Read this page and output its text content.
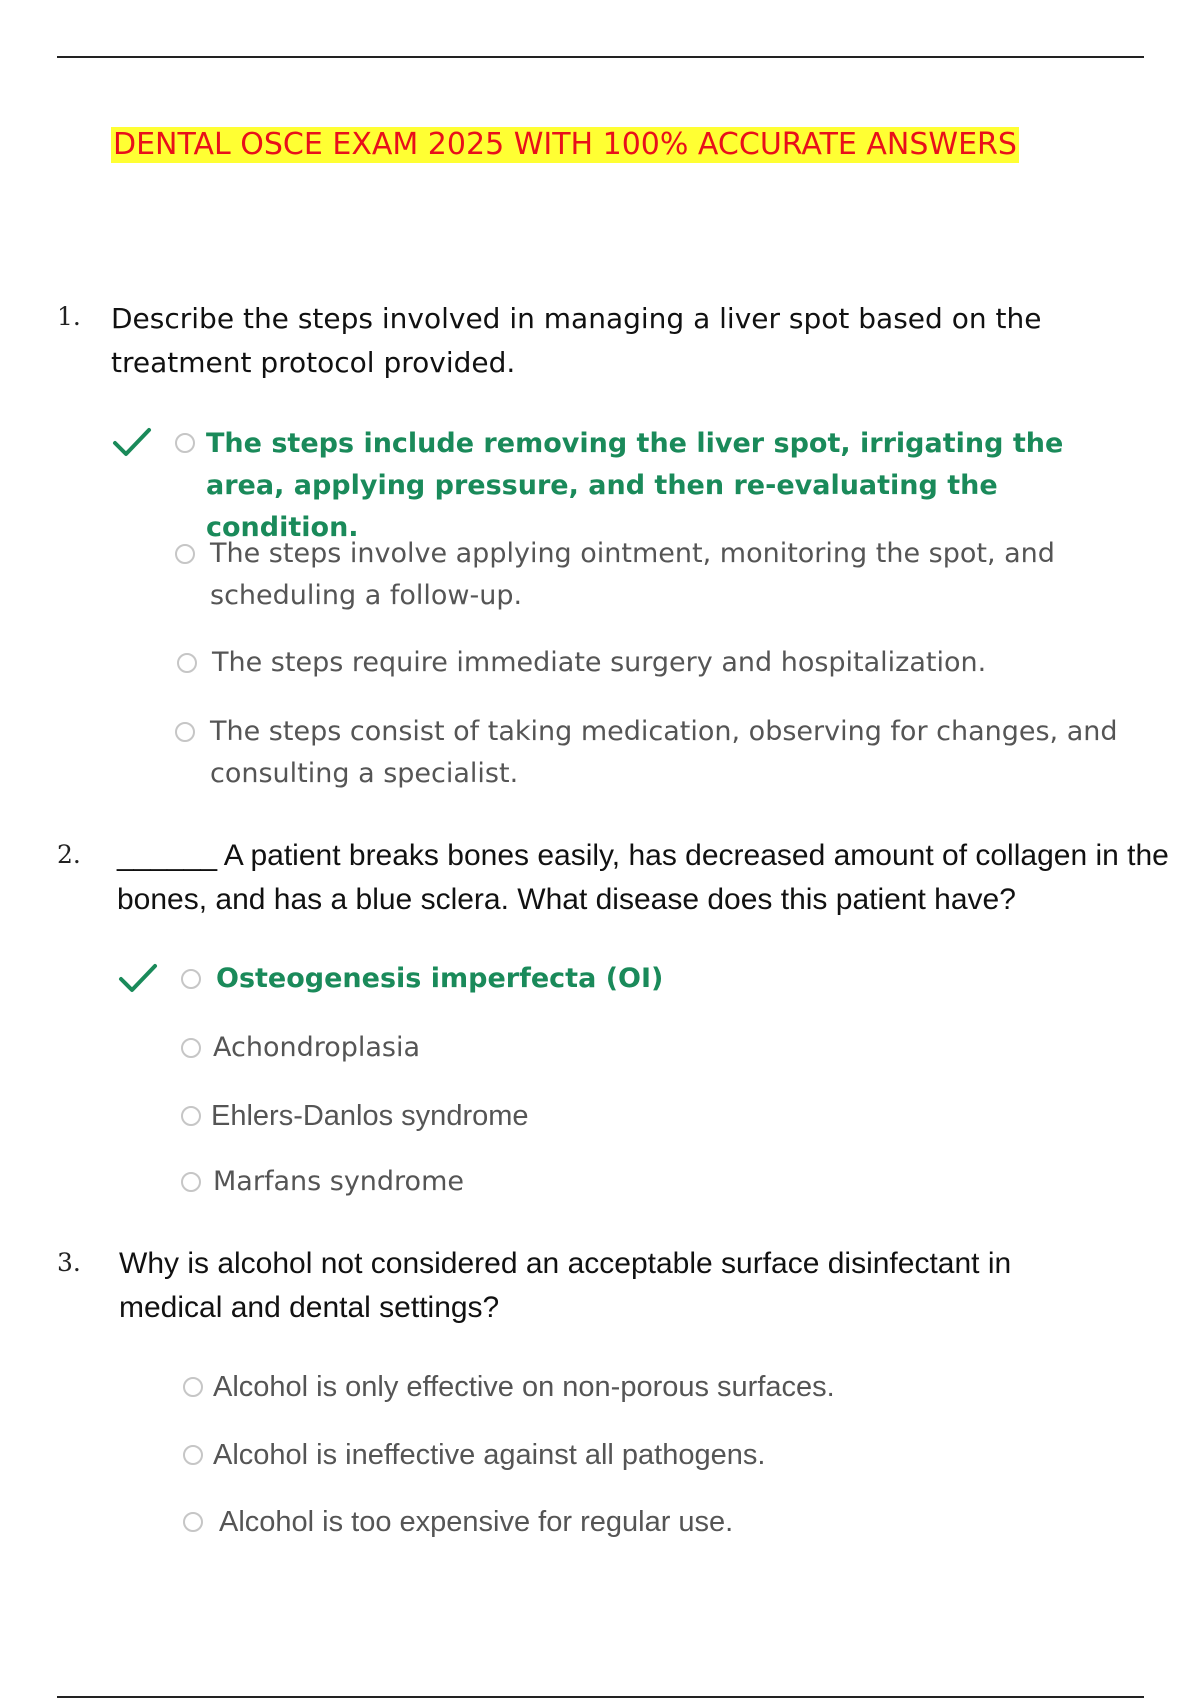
DENTAL OSCE EXAM 2025 WITH 100% ACCURATE ANSWERS
1. Describe the steps involved in managing a liver spot based on the treatment protocol provided.
The steps include removing the liver spot, irrigating the area, applying pressure, and then re-evaluating the condition.
The steps involve applying ointment, monitoring the spot, and scheduling a follow-up.
The steps require immediate surgery and hospitalization.
The steps consist of taking medication, observing for changes, and consulting a specialist.
2. ______ A patient breaks bones easily, has decreased amount of collagen in the bones, and has a blue sclera. What disease does this patient have?
Osteogenesis imperfecta (OI)
Achondroplasia
Ehlers-Danlos syndrome
Marfans syndrome
3. Why is alcohol not considered an acceptable surface disinfectant in medical and dental settings?
Alcohol is only effective on non-porous surfaces.
Alcohol is ineffective against all pathogens.
Alcohol is too expensive for regular use.
